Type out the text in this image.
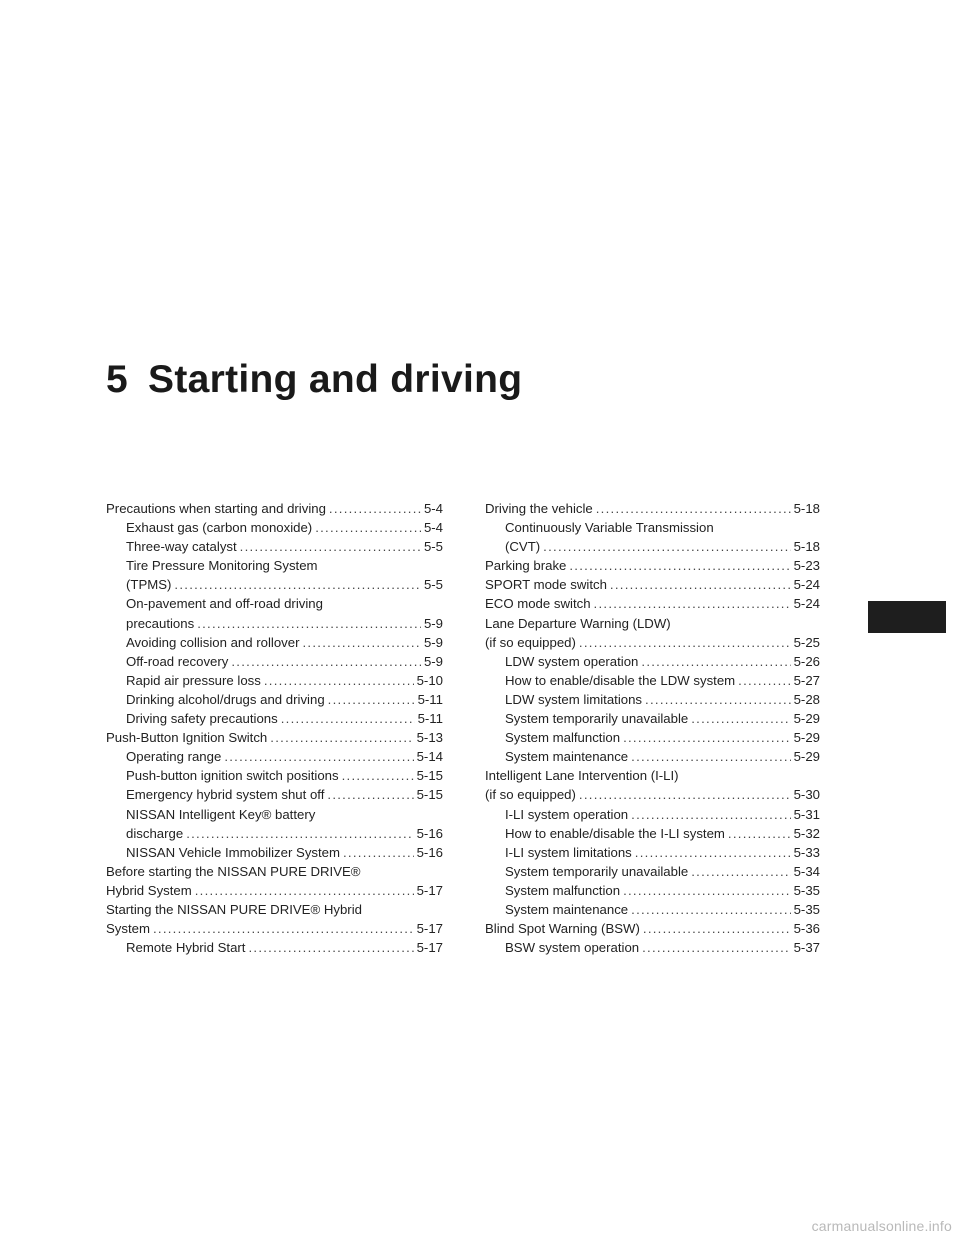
5 Starting and driving
Precautions when starting and driving . . .	5-4
Exhaust gas (carbon monoxide) . . .	5-4
Three-way catalyst . . .	5-5
Tire Pressure Monitoring System
(TPMS) . . .	5-5
On-pavement and off-road driving
precautions . . .	5-9
Avoiding collision and rollover . . .	5-9
Off-road recovery . . .	5-9
Rapid air pressure loss . . .	5-10
Drinking alcohol/drugs and driving . . .	5-11
Driving safety precautions . . .	5-11
Push-Button Ignition Switch . . .	5-13
Operating range . . .	5-14
Push-button ignition switch positions . . .	5-15
Emergency hybrid system shut off . . .	5-15
NISSAN Intelligent Key® battery
discharge . . .	5-16
NISSAN Vehicle Immobilizer System . . .	5-16
Before starting the NISSAN PURE DRIVE®
Hybrid System . . .	5-17
Starting the NISSAN PURE DRIVE® Hybrid
System . . .	5-17
Remote Hybrid Start . . .	5-17
Driving the vehicle . . .	5-18
Continuously Variable Transmission
(CVT) . . .	5-18
Parking brake . . .	5-23
SPORT mode switch . . .	5-24
ECO mode switch . . .	5-24
Lane Departure Warning (LDW)
(if so equipped) . . .	5-25
LDW system operation . . .	5-26
How to enable/disable the LDW system . . .	5-27
LDW system limitations . . .	5-28
System temporarily unavailable . . .	5-29
System malfunction . . .	5-29
System maintenance . . .	5-29
Intelligent Lane Intervention (I-LI)
(if so equipped) . . .	5-30
I-LI system operation . . .	5-31
How to enable/disable the I-LI system . . .	5-32
I-LI system limitations . . .	5-33
System temporarily unavailable . . .	5-34
System malfunction . . .	5-35
System maintenance . . .	5-35
Blind Spot Warning (BSW) . . .	5-36
BSW system operation . . .	5-37
carmanualsonline.info
